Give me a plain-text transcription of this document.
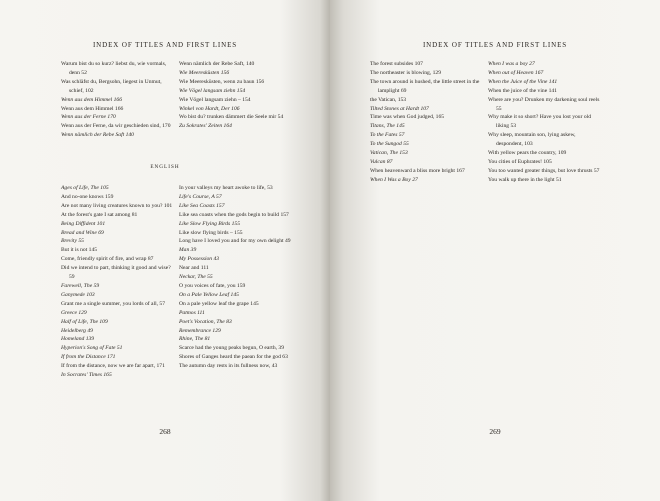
INDEX OF TITLES AND FIRST LINES
Warum bist du so kurz? liebst du, wie vormals, denn 52
Was schläfst du, Bergsohn, liegest in Unmut, schief, 102
Wenn aus dem Himmel 166
Wenn aus dem Himmel 166
Wenn aus der Ferne 170
Wenn aus der Ferne, da wir geschieden sind, 170
Wenn nämlich der Rebe Saft 140
Wenn nämlich der Rebe Saft, 140
Wie Meeresküsten 156
Wie Meeresküsten, wenn zu baun 156
Wie Vögel langsam ziehn 154
Wie Vögel langsam ziehn – 154
Winkel von Hardt, Der 106
Wo bist du? trunken dämmert die Seele mir 54
Zu Sokrates' Zeiten 164
ENGLISH
Ages of Life, The 105
And no-one knows 159
Are not many living creatures known to you? 101
At the forest's gate I sat among 81
Being Diffident 101
Bread and Wine 69
Brevity 55
But it is not 145
Come, friendly spirit of fire, and wrap 87
Did we intend to part, thinking it good and wise? 59
Farewell, The 59
Ganymede 103
Grant me a single summer, you lords of all, 57
Greece 129
Half of Life, The 109
Heidelberg 49
Homeland 139
Hyperion's Song of Fate 51
If from the Distance 171
If from the distance, now we are far apart, 171
In Socrates' Times 165
In your valleys my heart awoke to life, 53
Life's Course, A 57
Like Sea Coasts 157
Like sea coasts when the gods begin to build 157
Like Slow Flying Birds 155
Like slow flying birds – 155
Long have I loved you and for my own delight 49
Man 39
My Possession 43
Near and 111
Neckar, The 55
O you voices of fate, you 159
On a Pale Yellow Leaf 145
On a pale yellow leaf the grape 145
Patmos 111
Poet's Vocation, The 83
Remembrance 129
Rhine, The 81
Scarce had the young peaks begun, O earth, 39
Shores of Ganges heard the paean for the god 63
The autumn day rests in its fullness now, 43
268
INDEX OF TITLES AND FIRST LINES
The forest subsides 107
The northeaster is blowing, 129
The town around is hushed, the little street in the lamplight 69
the Vatican, 153
Tilted Stones at Hardt 107
Time was when God judged, 165
Titans, The 145
To the Fates 57
To the Sungod 55
Vatican, The 153
Vulcan 87
When heavenward a bliss more bright 167
When I Was a Boy 27
When I was a boy 27
When out of Heaven 167
When the Juice of the Vine 141
When the juice of the vine 141
Where are you? Drunken my darkening soul reels 55
Why make it so short? Have you lost your old liking 53
Why sleep, mountain son, lying askew, despondent, 103
With yellow pears the country, 109
You cities of Euphrates! 105
You too wanted greater things, but love thrusts 57
You walk up there in the light 51
269
